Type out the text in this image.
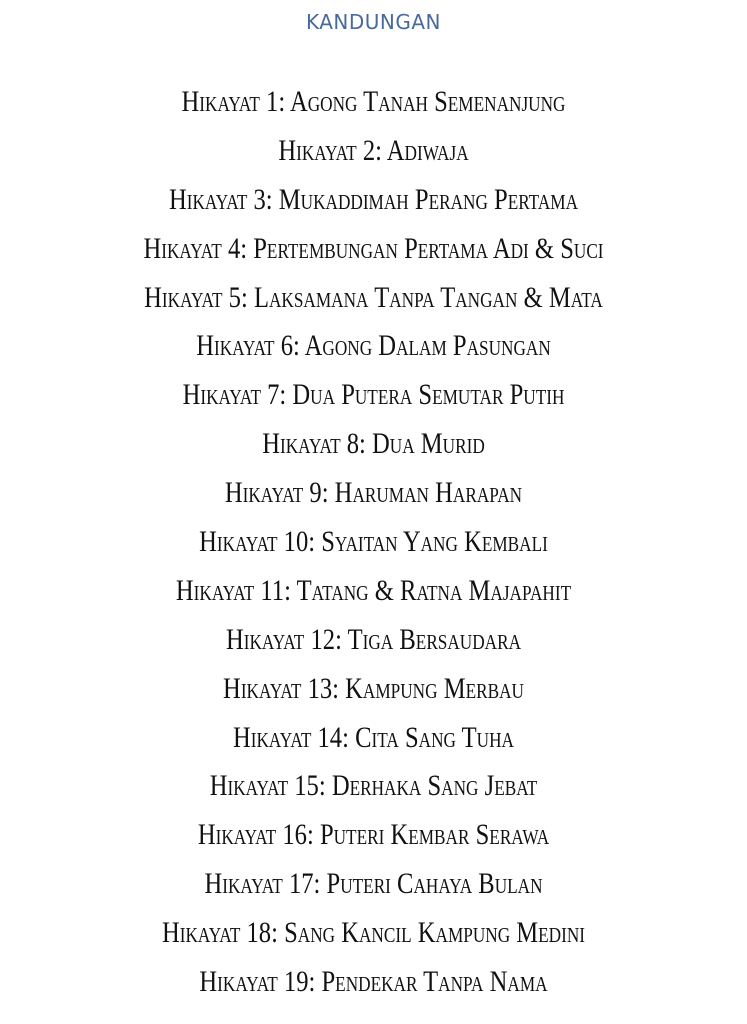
KANDUNGAN
Hikayat 1: Agong Tanah Semenanjung
Hikayat 2: Adiwaja
Hikayat 3: Mukaddimah Perang Pertama
Hikayat 4: Pertembungan Pertama Adi & Suci
Hikayat 5: Laksamana Tanpa Tangan & Mata
Hikayat 6: Agong Dalam Pasungan
Hikayat 7: Dua Putera Semutar Putih
Hikayat 8: Dua Murid
Hikayat 9: Haruman Harapan
Hikayat 10: Syaitan Yang Kembali
Hikayat 11: Tatang & Ratna Majapahit
Hikayat 12: Tiga Bersaudara
Hikayat 13: Kampung Merbau
Hikayat 14: Cita Sang Tuha
Hikayat 15: Derhaka Sang Jebat
Hikayat 16: Puteri Kembar Serawa
Hikayat 17: Puteri Cahaya Bulan
Hikayat 18: Sang Kancil Kampung Medini
Hikayat 19: Pendekar Tanpa Nama
